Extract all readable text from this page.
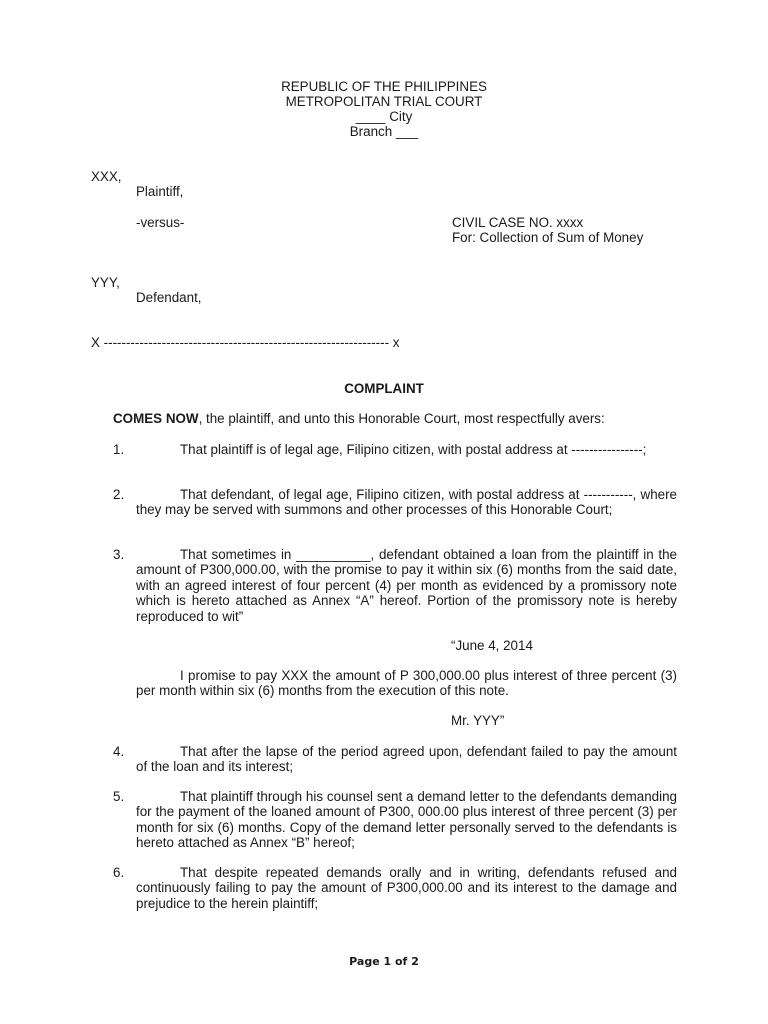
REPUBLIC OF THE PHILIPPINES
METROPOLITAN TRIAL COURT
____ City
Branch ___
XXX,
Plaintiff,
-versus-	CIVIL CASE NO. xxxx
For: Collection of Sum of Money
YYY,
Defendant,
X ---------------------------------------------------------------- x
COMPLAINT
COMES NOW, the plaintiff, and unto this Honorable Court, most respectfully avers:
1.	That plaintiff is of legal age, Filipino citizen, with postal address at ----------------;
2.	That defendant, of legal age, Filipino citizen, with postal address at -----------, where they may be served with summons and other processes of this Honorable Court;
3.	That sometimes in __________, defendant obtained a loan from the plaintiff in the amount of P300,000.00, with the promise to pay it within six (6) months from the said date, with an agreed interest of four percent (4) per month as evidenced by a promissory note which is hereto attached as Annex “A” hereof. Portion of the promissory note is hereby reproduced to wit”
“June 4, 2014
I promise to pay XXX the amount of P 300,000.00 plus interest of three percent (3) per month within six (6) months from the execution of this note.
Mr. YYY”
4.	That after the lapse of the period agreed upon, defendant failed to pay the amount of the loan and its interest;
5.	That plaintiff through his counsel sent a demand letter to the defendants demanding for the payment of the loaned amount of P300, 000.00 plus interest of three percent (3) per month for six (6) months. Copy of the demand letter personally served to the defendants is hereto attached as Annex “B” hereof;
6.	That despite repeated demands orally and in writing, defendants refused and continuously failing to pay the amount of P300,000.00 and its interest to the damage and prejudice to the herein plaintiff;
Page 1 of 2
